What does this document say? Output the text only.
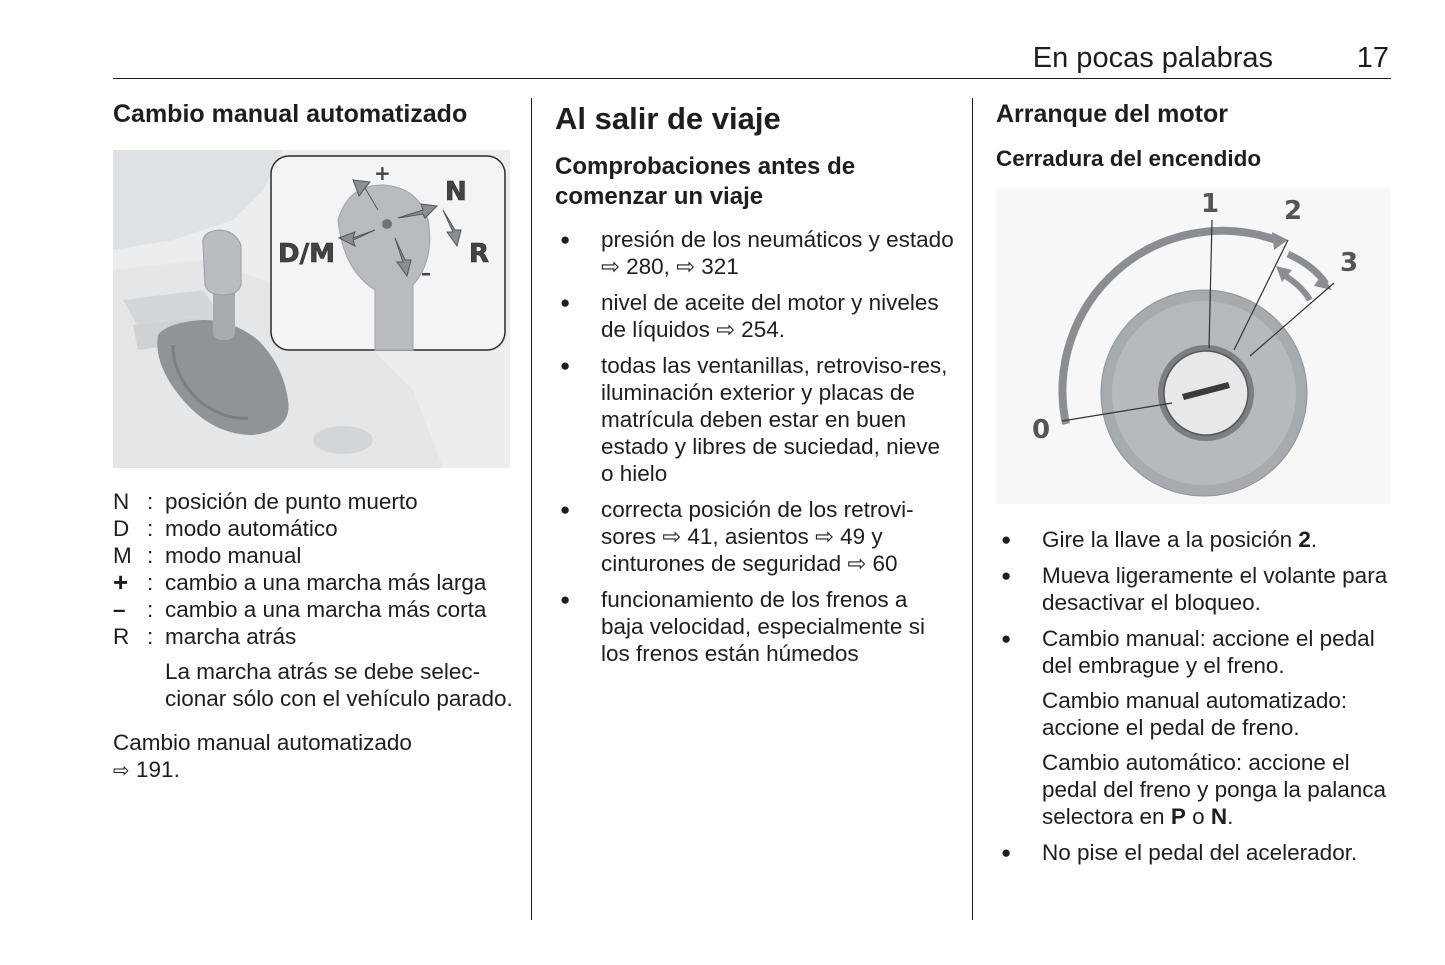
En pocas palabras	17
Cambio manual automatizado
D/M
N
R
+
–
N : posición de punto muerto
D : modo automático
M : modo manual
+ : cambio a una marcha más larga
– : cambio a una marcha más corta
R : marcha atrás
La marcha atrás se debe selec-cionar sólo con el vehículo parado.
Cambio manual automatizado
⇨ 191.
Al salir de viaje
Comprobaciones antes de comenzar un viaje
● presión de los neumáticos y estado ⇨ 280, ⇨ 321
● nivel de aceite del motor y niveles de líquidos ⇨ 254.
● todas las ventanillas, retroviso-res, iluminación exterior y placas de matrícula deben estar en buen estado y libres de suciedad, nieve o hielo
● correcta posición de los retrovi-sores ⇨ 41, asientos ⇨ 49 y cinturones de seguridad ⇨ 60
● funcionamiento de los frenos a baja velocidad, especialmente si los frenos están húmedos
Arranque del motor
Cerradura del encendido
0
1 2
3
● Gire la llave a la posición 2.
● Mueva ligeramente el volante para desactivar el bloqueo.
● Cambio manual: accione el pedal del embrague y el freno.
Cambio manual automatizado: accione el pedal de freno.
Cambio automático: accione el pedal del freno y ponga la palanca selectora en P o N.
● No pise el pedal del acelerador.
